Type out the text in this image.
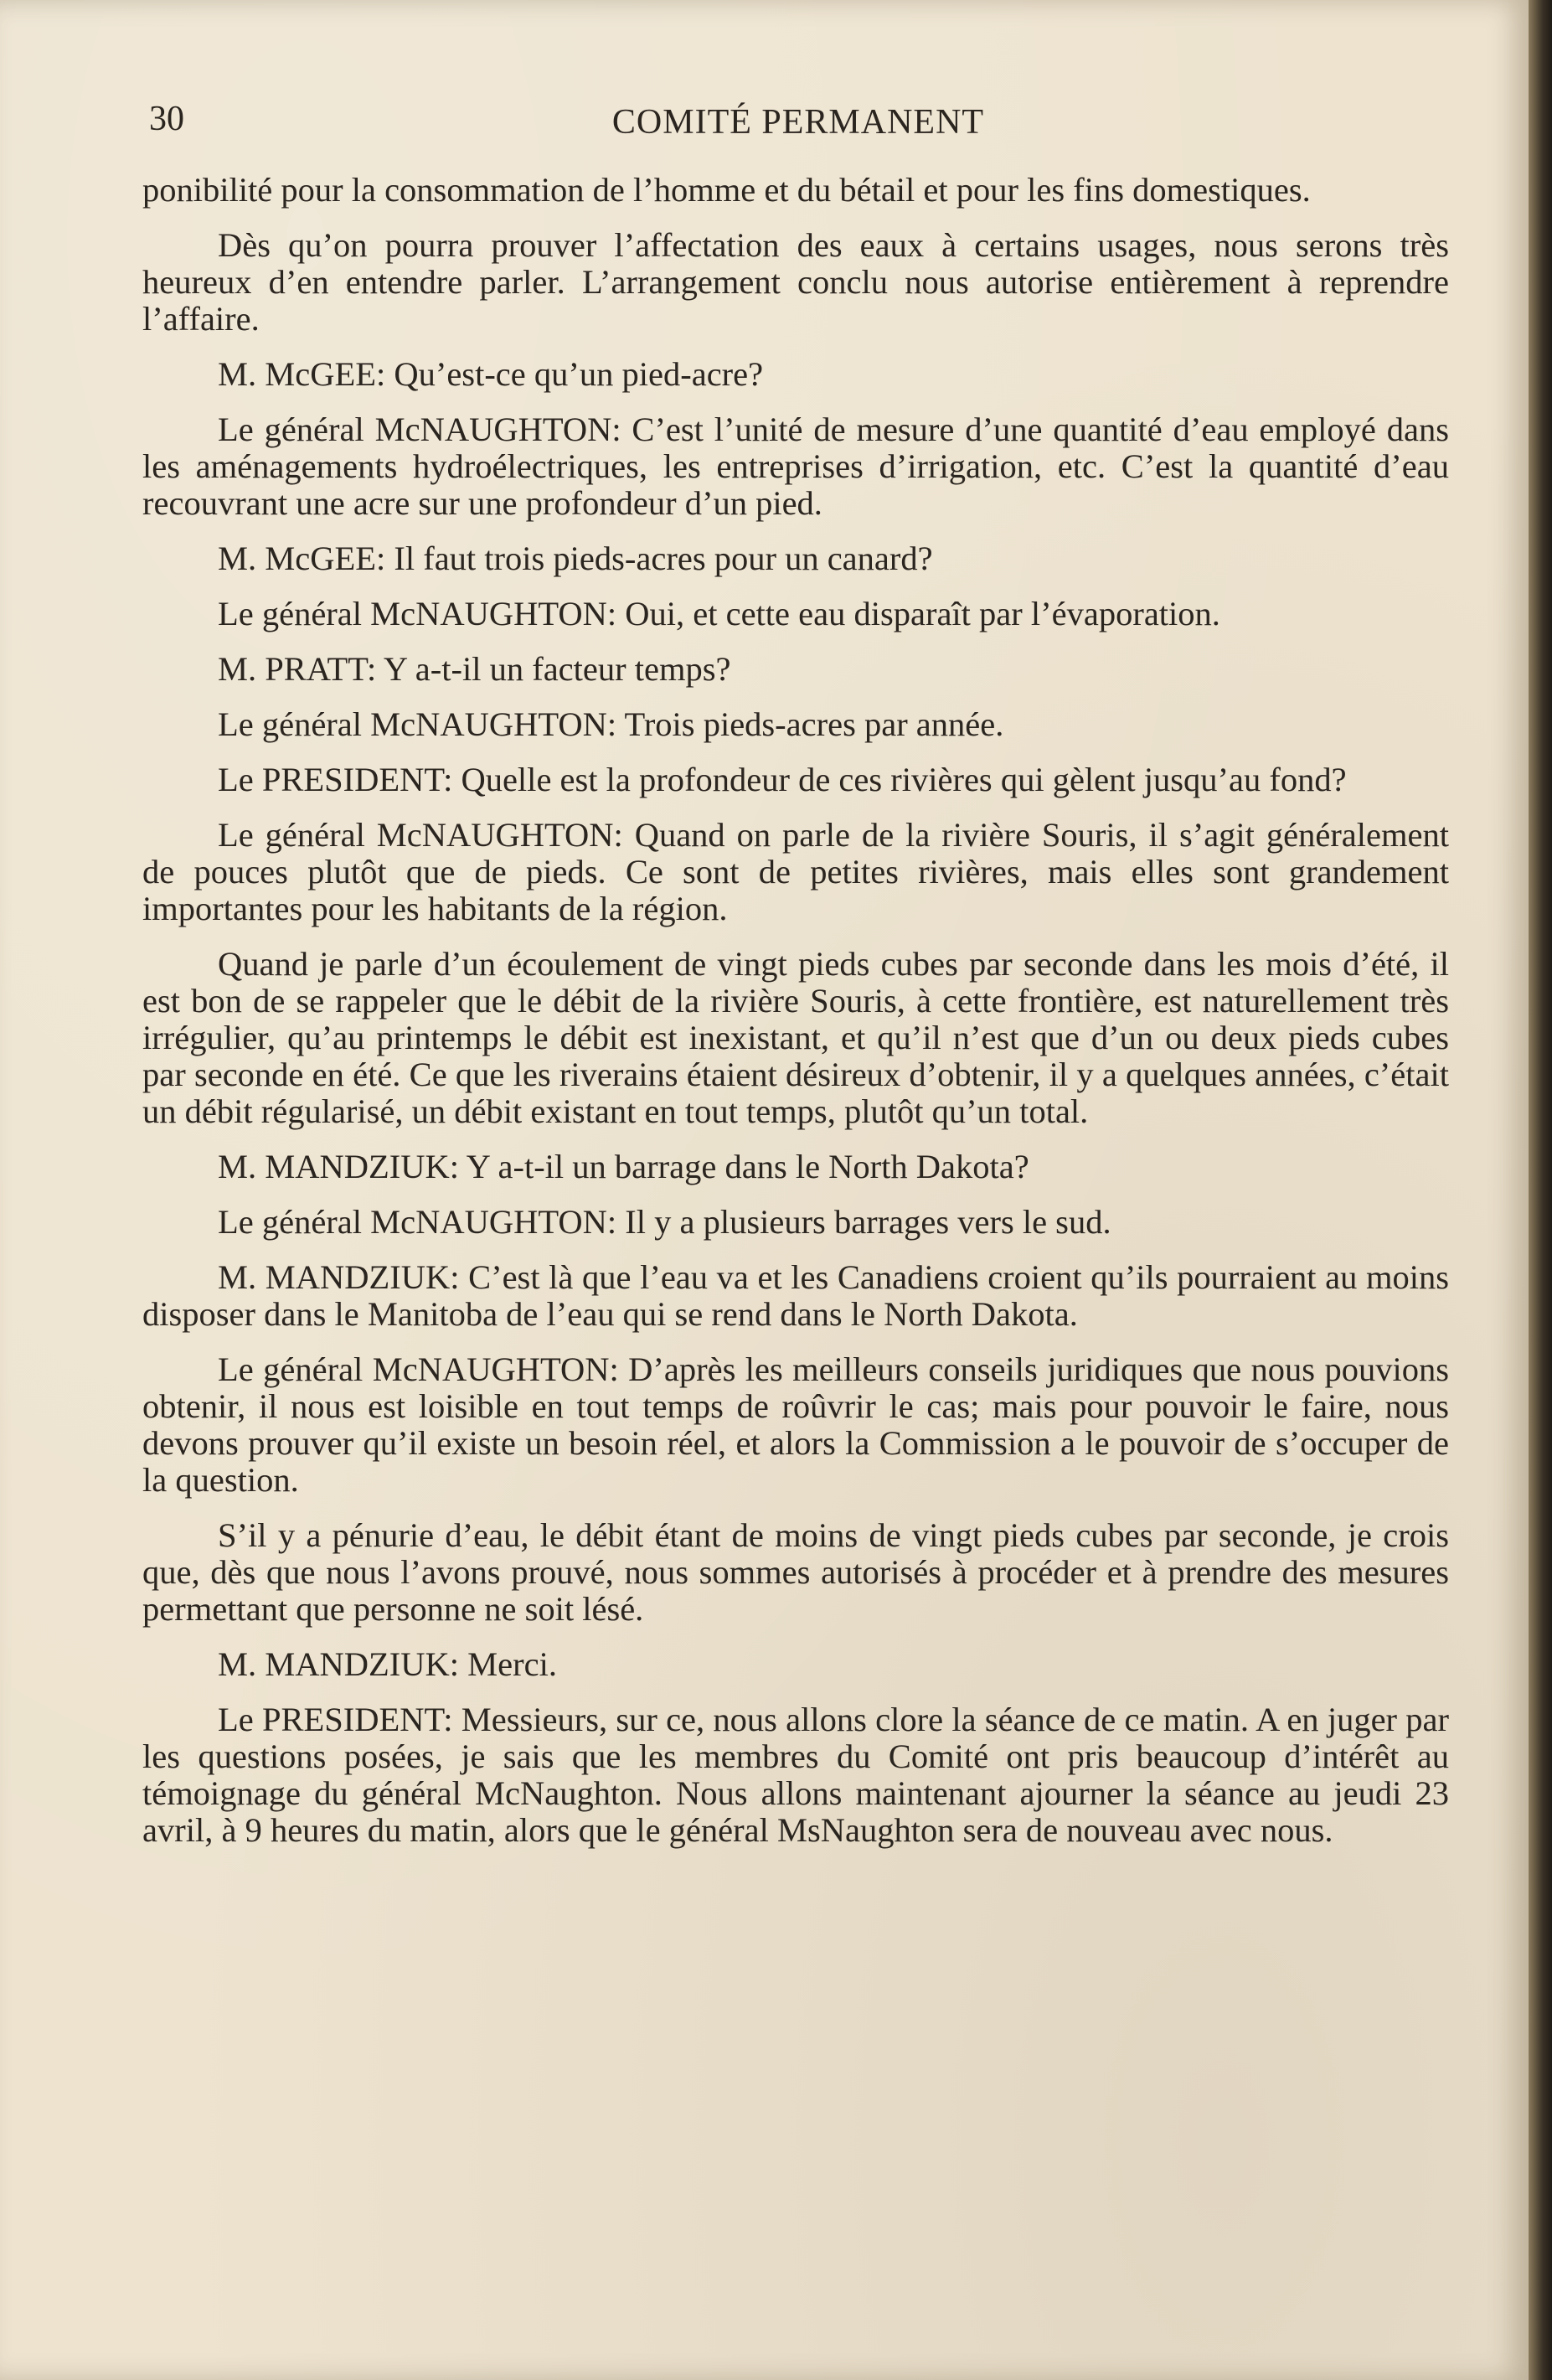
30	COMITÉ PERMANENT

ponibilité pour la consommation de l’homme et du bétail et pour les fins domestiques.

Dès qu’on pourra prouver l’affectation des eaux à certains usages, nous serons très heureux d’en entendre parler. L’arrangement conclu nous autorise entièrement à reprendre l’affaire.

M. McGEE: Qu’est-ce qu’un pied-acre?

Le général McNAUGHTON: C’est l’unité de mesure d’une quantité d’eau employé dans les aménagements hydroélectriques, les entreprises d’irrigation, etc. C’est la quantité d’eau recouvrant une acre sur une profondeur d’un pied.

M. McGEE: Il faut trois pieds-acres pour un canard?

Le général McNAUGHTON: Oui, et cette eau disparaît par l’évaporation.

M. PRATT: Y a-t-il un facteur temps?

Le général McNAUGHTON: Trois pieds-acres par année.

Le PRESIDENT: Quelle est la profondeur de ces rivières qui gèlent jusqu’au fond?

Le général McNAUGHTON: Quand on parle de la rivière Souris, il s’agit généralement de pouces plutôt que de pieds. Ce sont de petites rivières, mais elles sont grandement importantes pour les habitants de la région.

Quand je parle d’un écoulement de vingt pieds cubes par seconde dans les mois d’été, il est bon de se rappeler que le débit de la rivière Souris, à cette frontière, est naturellement très irrégulier, qu’au printemps le débit est inexistant, et qu’il n’est que d’un ou deux pieds cubes par seconde en été. Ce que les riverains étaient désireux d’obtenir, il y a quelques années, c’était un débit régularisé, un débit existant en tout temps, plutôt qu’un total.

M. MANDZIUK: Y a-t-il un barrage dans le North Dakota?

Le général McNAUGHTON: Il y a plusieurs barrages vers le sud.

M. MANDZIUK: C’est là que l’eau va et les Canadiens croient qu’ils pourraient au moins disposer dans le Manitoba de l’eau qui se rend dans le North Dakota.

Le général McNAUGHTON: D’après les meilleurs conseils juridiques que nous pouvions obtenir, il nous est loisible en tout temps de roûvrir le cas; mais pour pouvoir le faire, nous devons prouver qu’il existe un besoin réel, et alors la Commission a le pouvoir de s’occuper de la question.

S’il y a pénurie d’eau, le débit étant de moins de vingt pieds cubes par seconde, je crois que, dès que nous l’avons prouvé, nous sommes autorisés à procéder et à prendre des mesures permettant que personne ne soit lésé.

M. MANDZIUK: Merci.

Le PRESIDENT: Messieurs, sur ce, nous allons clore la séance de ce matin. A en juger par les questions posées, je sais que les membres du Comité ont pris beaucoup d’intérêt au témoignage du général McNaughton. Nous allons maintenant ajourner la séance au jeudi 23 avril, à 9 heures du matin, alors que le général MsNaughton sera de nouveau avec nous.
